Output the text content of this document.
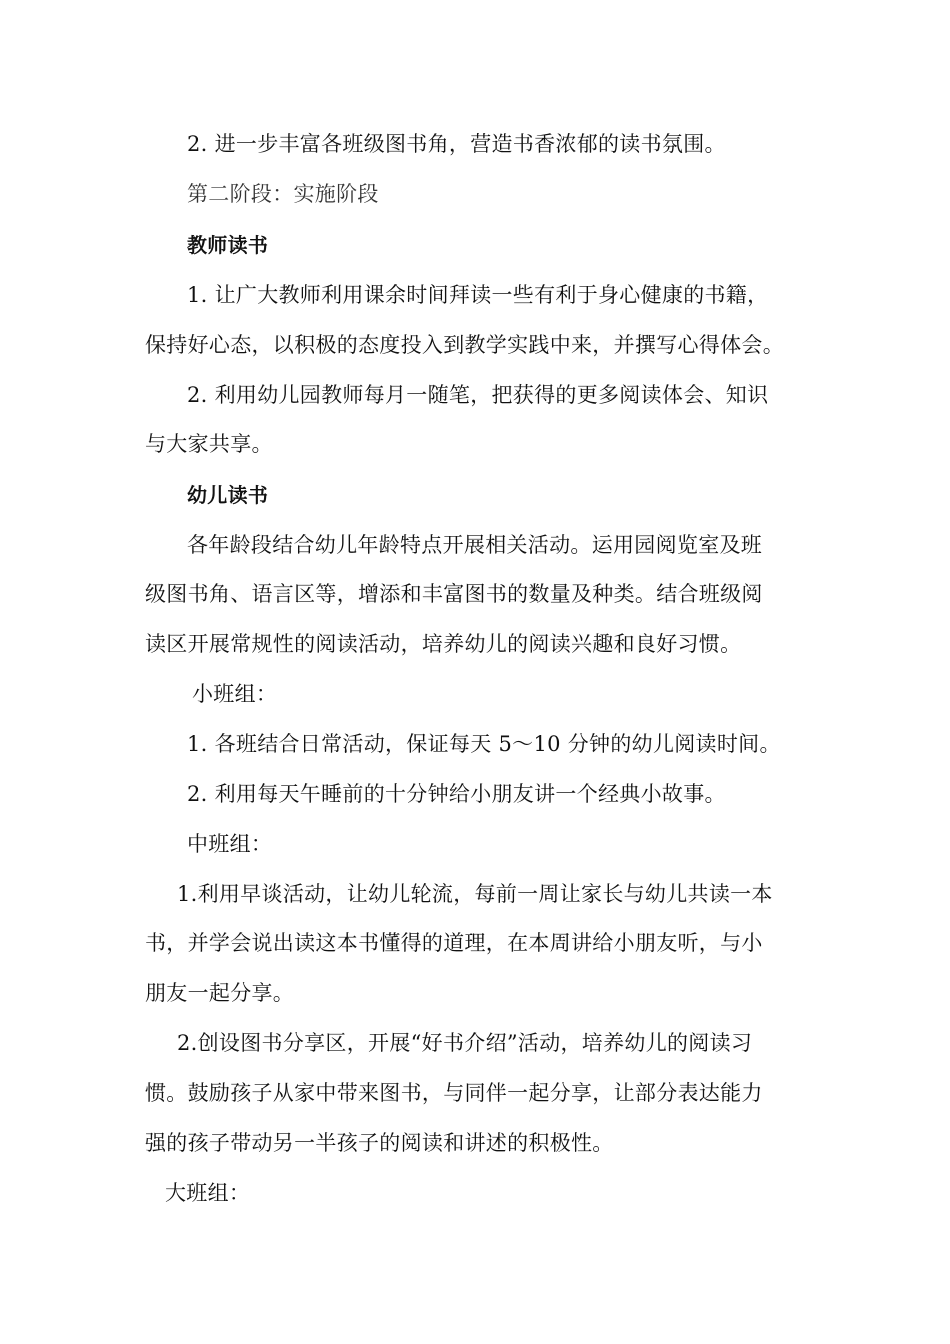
2. 进一步丰富各班级图书角，营造书香浓郁的读书氛围。
第二阶段：实施阶段
教师读书
1. 让广大教师利用课余时间拜读一些有利于身心健康的书籍，
保持好心态，以积极的态度投入到教学实践中来，并撰写心得体会。
2. 利用幼儿园教师每月一随笔，把获得的更多阅读体会、知识
与大家共享。
幼儿读书
各年龄段结合幼儿年龄特点开展相关活动。运用园阅览室及班
级图书角、语言区等，增添和丰富图书的数量及种类。结合班级阅
读区开展常规性的阅读活动，培养幼儿的阅读兴趣和良好习惯。
小班组：
1. 各班结合日常活动，保证每天 5～10 分钟的幼儿阅读时间。
2. 利用每天午睡前的十分钟给小朋友讲一个经典小故事。
中班组：
1.利用早谈活动，让幼儿轮流，每前一周让家长与幼儿共读一本
书，并学会说出读这本书懂得的道理，在本周讲给小朋友听，与小
朋友一起分享。
2.创设图书分享区，开展“好书介绍”活动，培养幼儿的阅读习
惯。鼓励孩子从家中带来图书，与同伴一起分享，让部分表达能力
强的孩子带动另一半孩子的阅读和讲述的积极性。
大班组：
